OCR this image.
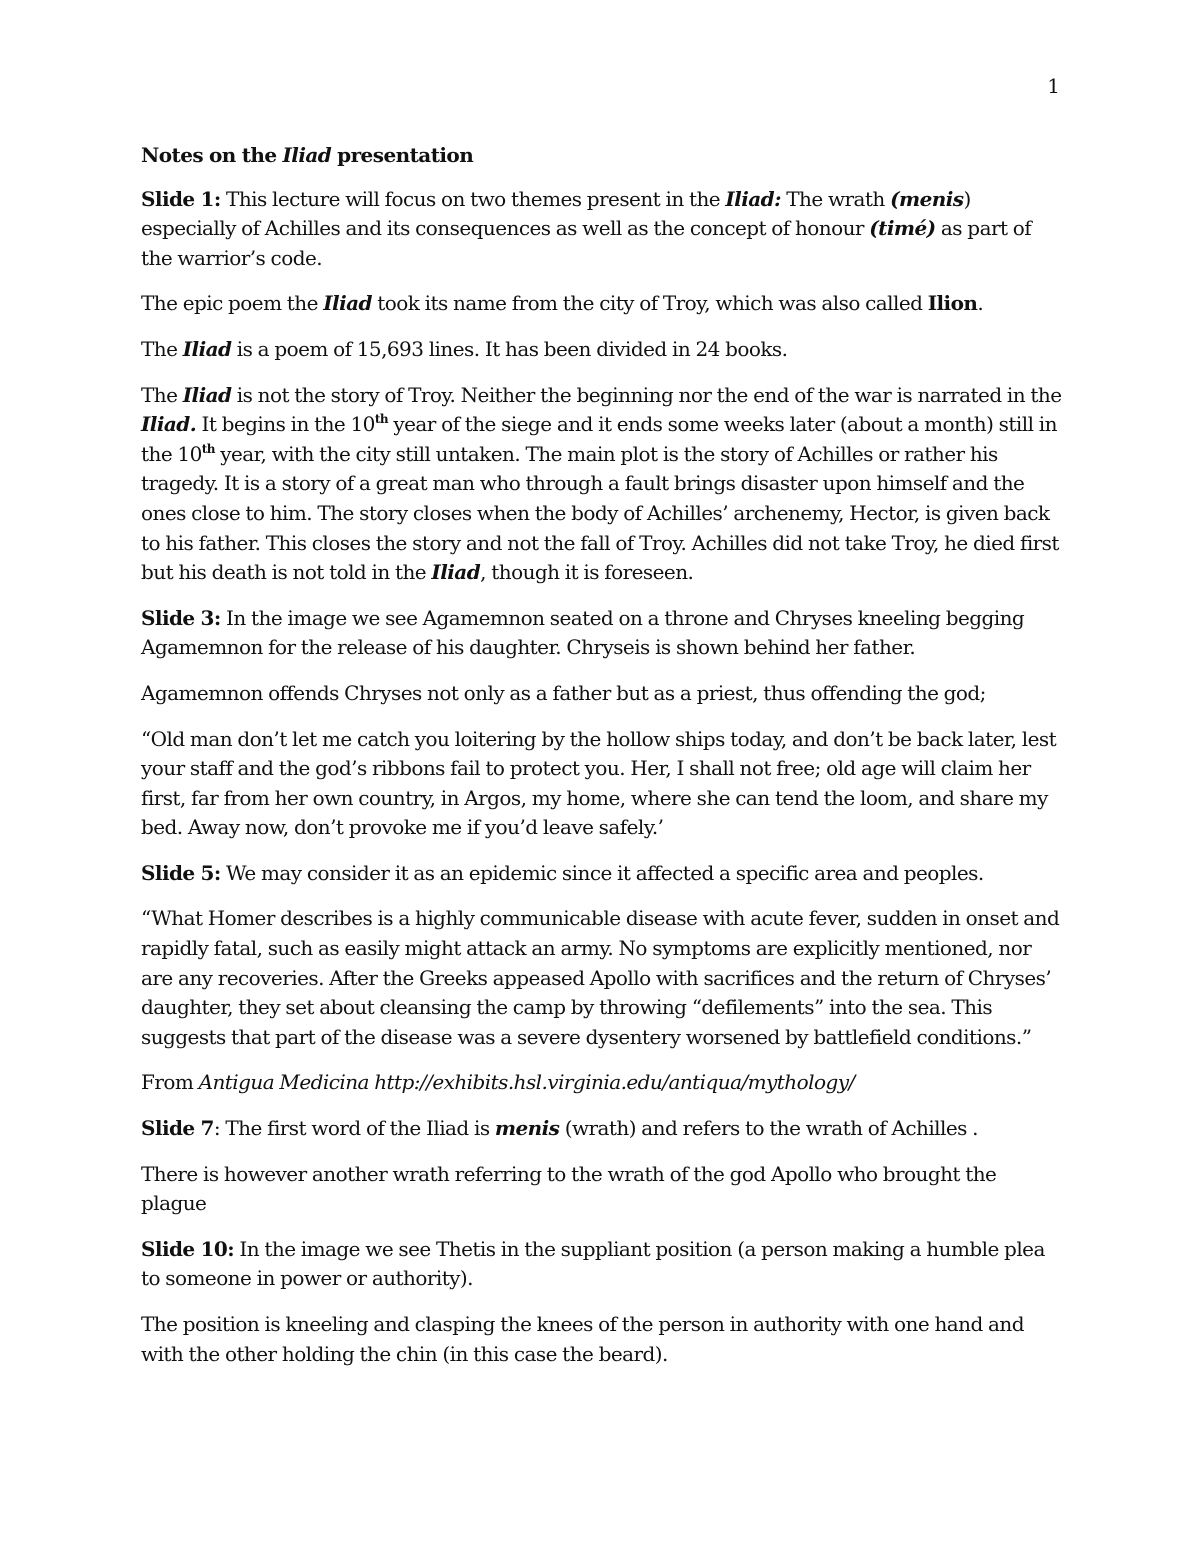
1

Notes on the Iliad presentation

Slide 1: This lecture will focus on two themes present in the Iliad: The wrath (menis) especially of Achilles and its consequences as well as the concept of honour (timé) as part of the warrior’s code.

The epic poem the Iliad took its name from the city of Troy, which was also called Ilion.

The Iliad is a poem of 15,693 lines. It has been divided in 24 books.

The Iliad is not the story of Troy. Neither the beginning nor the end of the war is narrated in the Iliad. It begins in the 10th year of the siege and it ends some weeks later (about a month) still in the 10th year, with the city still untaken. The main plot is the story of Achilles or rather his tragedy. It is a story of a great man who through a fault brings disaster upon himself and the ones close to him. The story closes when the body of Achilles’ archenemy, Hector, is given back to his father. This closes the story and not the fall of Troy. Achilles did not take Troy, he died first but his death is not told in the Iliad, though it is foreseen.

Slide 3: In the image we see Agamemnon seated on a throne and Chryses kneeling begging Agamemnon for the release of his daughter. Chryseis is shown behind her father.

Agamemnon offends Chryses not only as a father but as a priest, thus offending the god;

“Old man don’t let me catch you loitering by the hollow ships today, and don’t be back later, lest your staff and the god’s ribbons fail to protect you. Her, I shall not free; old age will claim her first, far from her own country, in Argos, my home, where she can tend the loom, and share my bed. Away now, don’t provoke me if you’d leave safely.’

Slide 5: We may consider it as an epidemic since it affected a specific area and peoples.

“What Homer describes is a highly communicable disease with acute fever, sudden in onset and rapidly fatal, such as easily might attack an army. No symptoms are explicitly mentioned, nor are any recoveries. After the Greeks appeased Apollo with sacrifices and the return of Chryses’ daughter, they set about cleansing the camp by throwing “defilements” into the sea. This suggests that part of the disease was a severe dysentery worsened by battlefield conditions.”

From Antigua Medicina http://exhibits.hsl.virginia.edu/antiqua/mythology/

Slide 7: The first word of the Iliad is menis (wrath) and refers to the wrath of Achilles .

There is however another wrath referring to the wrath of the god Apollo who brought the plague

Slide 10: In the image we see Thetis in the suppliant position (a person making a humble plea to someone in power or authority).

The position is kneeling and clasping the knees of the person in authority with one hand and with the other holding the chin (in this case the beard).
